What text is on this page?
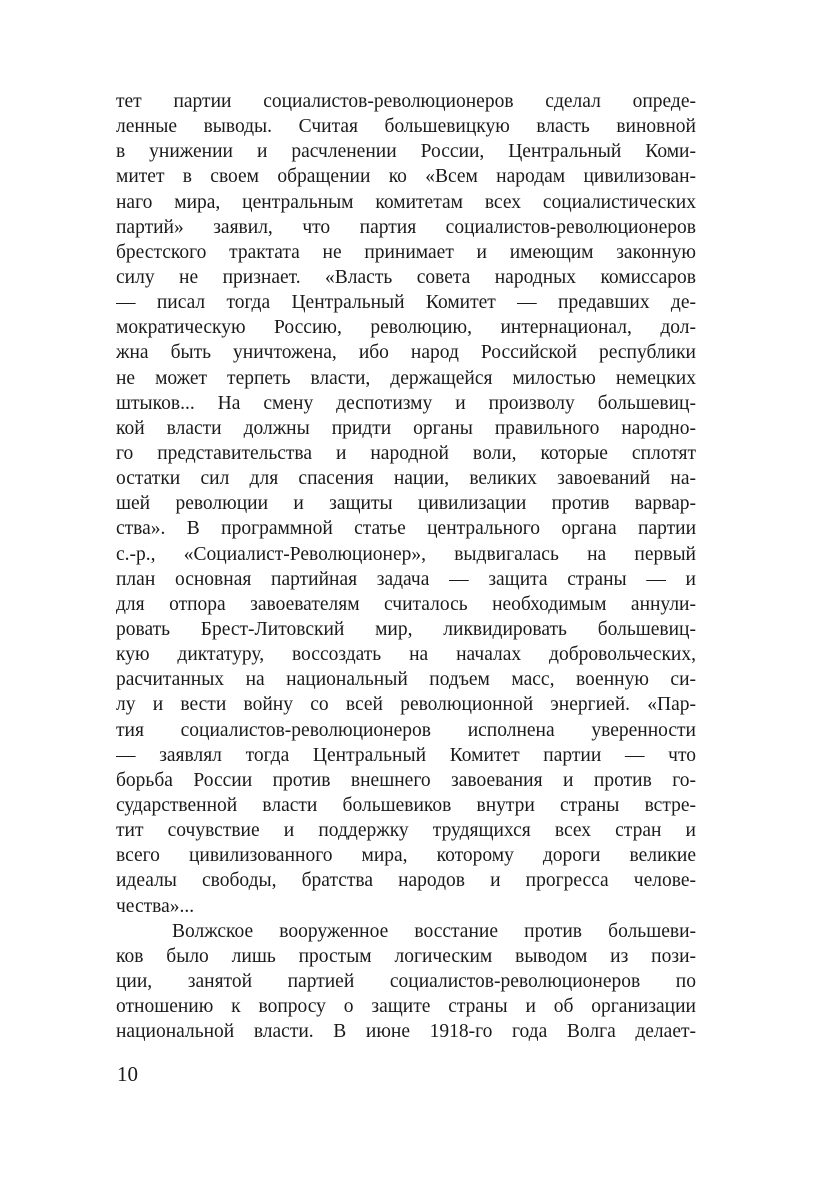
тет партии социалистов-революционеров сделал опреде-
ленные выводы. Считая большевицкую власть виновной
в унижении и расчленении России, Центральный Коми-
митет в своем обращении ко «Всем народам цивилизован-
наго мира, центральным комитетам всех социалистических
партий» заявил, что партия социалистов-революционеров
брестского трактата не принимает и имеющим законную
силу не признает. «Власть совета народных комиссаров
— писал тогда Центральный Комитет — предавших де-
мократическую Россию, революцию, интернационал, дол-
жна быть уничтожена, ибо народ Российской республики
не может терпеть власти, держащейся милостью немецких
штыков... На смену деспотизму и произволу большевиц-
кой власти должны придти органы правильного народно-
го представительства и народной воли, которые сплотят
остатки сил для спасения нации, великих завоеваний на-
шей революции и защиты цивилизации против варвар-
ства». В программной статье центрального органа партии
с.-р., «Социалист-Революционер», выдвигалась на первый
план основная партийная задача — защита страны — и
для отпора завоевателям считалось необходимым аннули-
ровать Брест-Литовский мир, ликвидировать большевиц-
кую диктатуру, воссоздать на началах добровольческих,
расчитанных на национальный подъем масс, военную си-
лу и вести войну со всей революционной энергией. «Пар-
тия социалистов-революционеров исполнена уверенности
— заявлял тогда Центральный Комитет партии — что
борьба России против внешнего завоевания и против го-
сударственной власти большевиков внутри страны встре-
тит сочувствие и поддержку трудящихся всех стран и
всего цивилизованного мира, которому дороги великие
идеалы свободы, братства народов и прогресса челове-
чества»...
Волжское вооруженное восстание против большеви-
ков было лишь простым логическим выводом из пози-
ции, занятой партией социалистов-революционеров по
отношению к вопросу о защите страны и об организации
национальной власти. В июне 1918-го года Волга делает-
10
